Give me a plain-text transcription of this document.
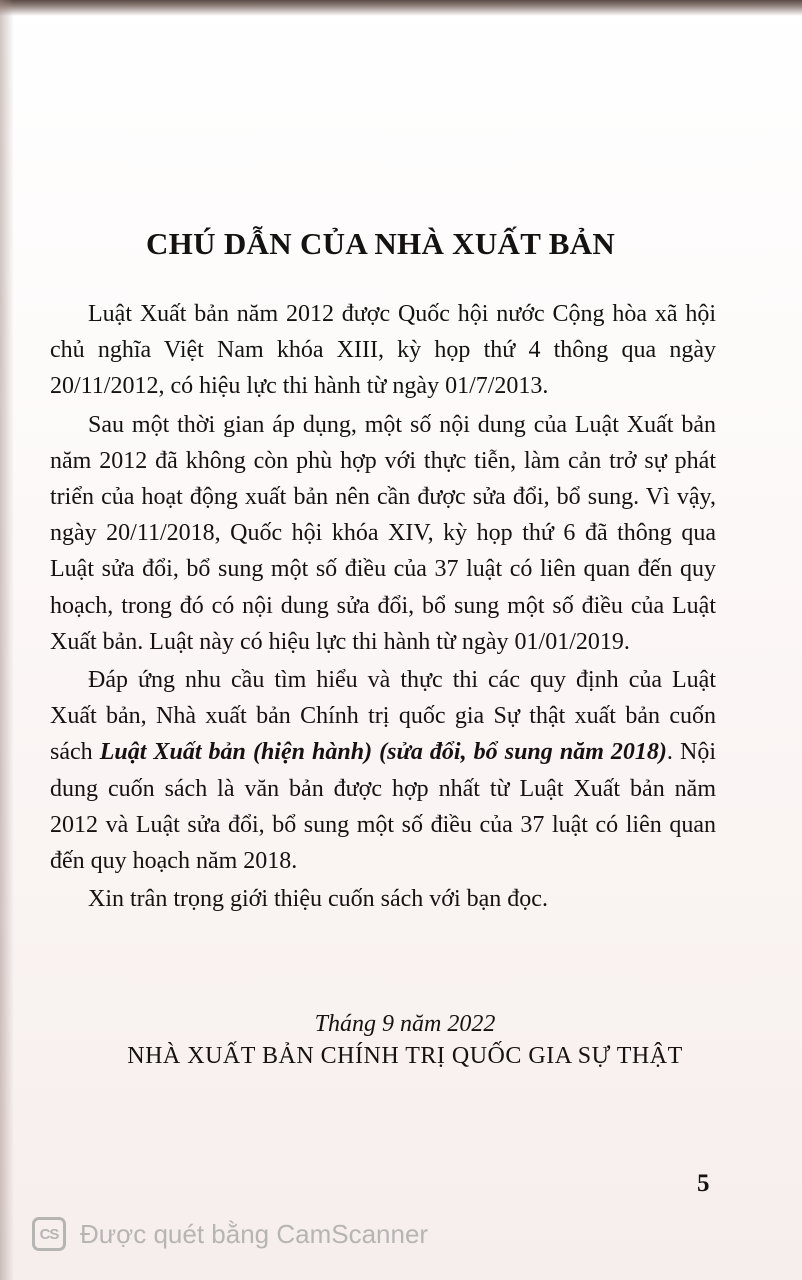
CHÚ DẪN CỦA NHÀ XUẤT BẢN

Luật Xuất bản năm 2012 được Quốc hội nước Cộng hòa xã hội chủ nghĩa Việt Nam khóa XIII, kỳ họp thứ 4 thông qua ngày 20/11/2012, có hiệu lực thi hành từ ngày 01/7/2013.

Sau một thời gian áp dụng, một số nội dung của Luật Xuất bản năm 2012 đã không còn phù hợp với thực tiễn, làm cản trở sự phát triển của hoạt động xuất bản nên cần được sửa đổi, bổ sung. Vì vậy, ngày 20/11/2018, Quốc hội khóa XIV, kỳ họp thứ 6 đã thông qua Luật sửa đổi, bổ sung một số điều của 37 luật có liên quan đến quy hoạch, trong đó có nội dung sửa đổi, bổ sung một số điều của Luật Xuất bản. Luật này có hiệu lực thi hành từ ngày 01/01/2019.

Đáp ứng nhu cầu tìm hiểu và thực thi các quy định của Luật Xuất bản, Nhà xuất bản Chính trị quốc gia Sự thật xuất bản cuốn sách Luật Xuất bản (hiện hành) (sửa đổi, bổ sung năm 2018). Nội dung cuốn sách là văn bản được hợp nhất từ Luật Xuất bản năm 2012 và Luật sửa đổi, bổ sung một số điều của 37 luật có liên quan đến quy hoạch năm 2018.

Xin trân trọng giới thiệu cuốn sách với bạn đọc.

Tháng 9 năm 2022
NHÀ XUẤT BẢN CHÍNH TRỊ QUỐC GIA SỰ THẬT
5
CS Được quét bằng CamScanner
